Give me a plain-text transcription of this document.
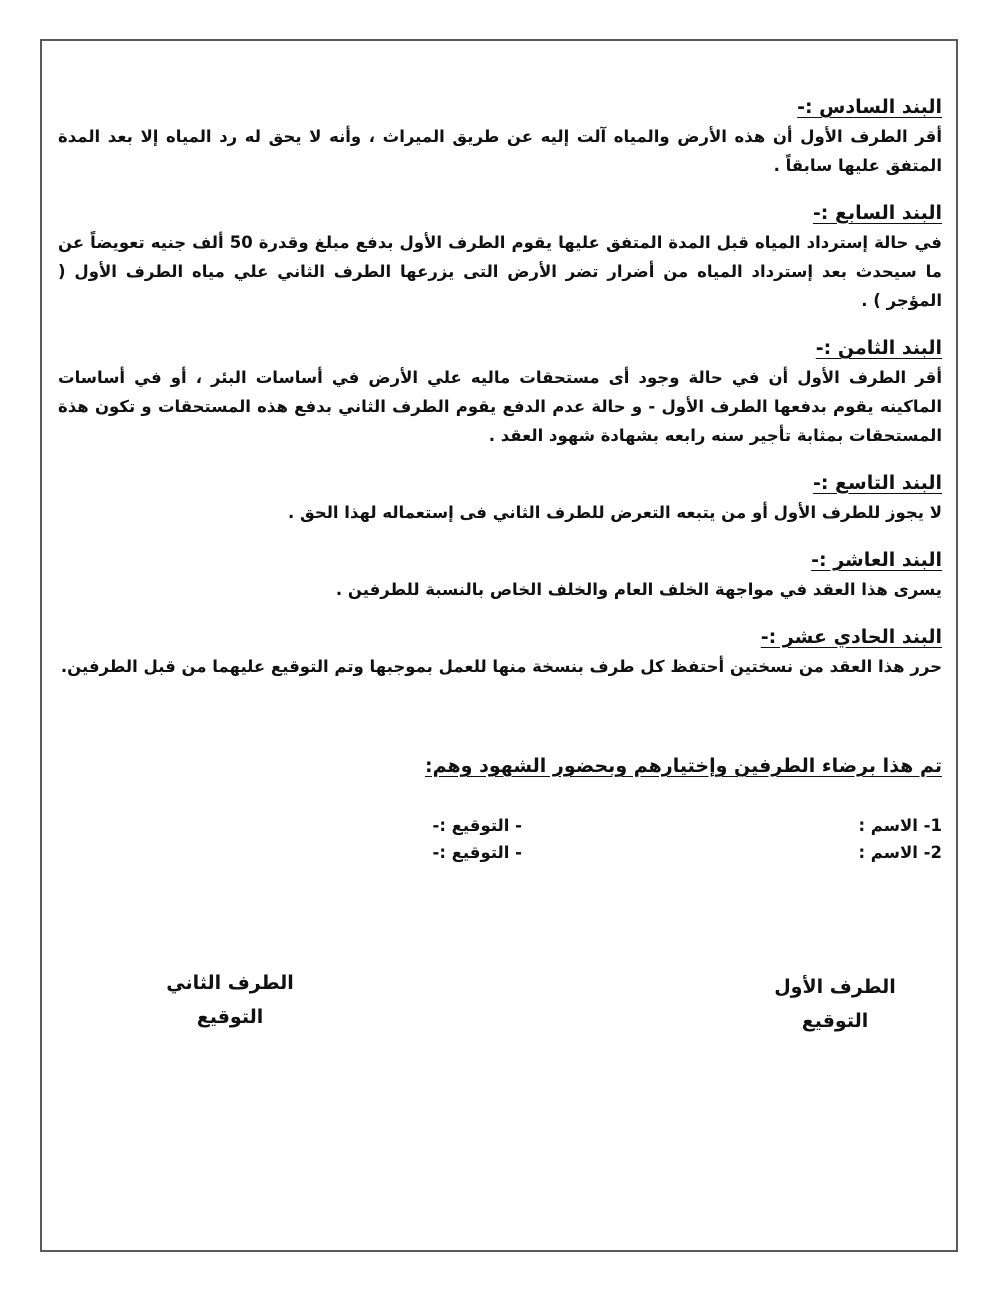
البند السادس :-

أقر الطرف الأول أن هذه الأرض والمياه آلت إليه عن طريق الميراث ، وأنه لا يحق له رد المياه إلا بعد المدة المتفق عليها سابقاً .

البند السابع :-

في حالة إسترداد المياه قبل المدة المتفق عليها يقوم الطرف الأول بدفع مبلغ وقدرة 50 ألف جنيه تعويضاً عن ما سيحدث بعد إسترداد المياه من أضرار تضر الأرض التى يزرعها الطرف الثاني علي مياه الطرف الأول ( المؤجر ) .

البند الثامن :-

أقر الطرف الأول أن في حالة وجود أى مستحقات ماليه علي الأرض في أساسات البئر ، أو في أساسات الماكينه يقوم بدفعها الطرف الأول - و حالة عدم الدفع يقوم الطرف الثاني بدفع هذه المستحقات و تكون هذة المستحقات بمثابة تأجير سنه رابعه بشهادة شهود العقد .

البند التاسع :-

لا يجوز للطرف الأول أو من يتبعه التعرض للطرف الثاني فى إستعماله لهذا الحق .

البند العاشر :-

يسرى هذا العقد في مواجهة الخلف العام والخلف الخاص بالنسبة للطرفين .

البند الحادي عشر :-

حرر هذا العقد من نسختين أحتفظ كل طرف بنسخة منها للعمل بموجبها وتم التوقيع عليهما من قبل الطرفين.

تم هذا برضاء الطرفين وإختيارهم وبحضور الشهود وهم:
1- الاسم :
- التوقيع :-
2- الاسم :
- التوقيع :-
الطرف الأول
التوقيع
الطرف الثاني
التوقيع
